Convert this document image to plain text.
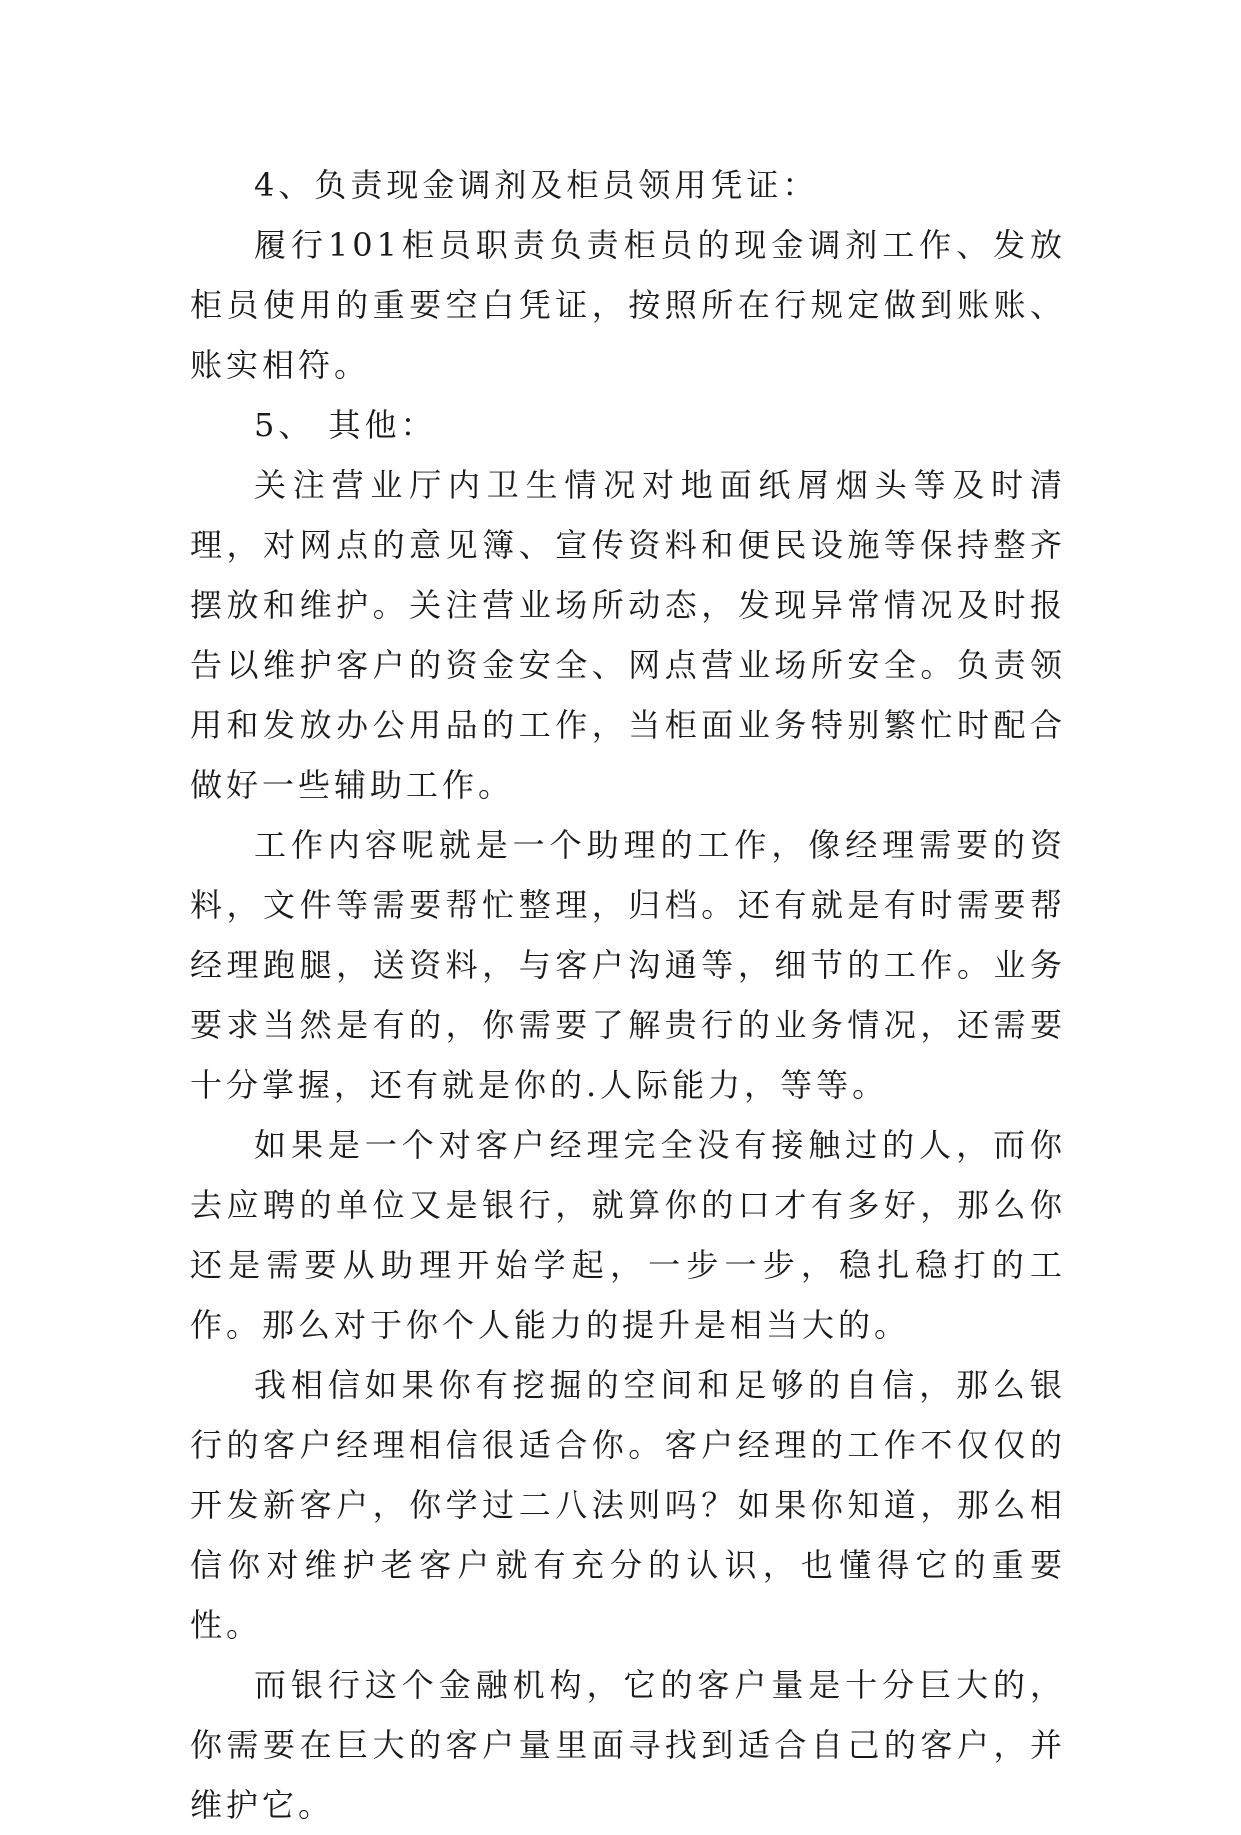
4、负责现金调剂及柜员领用凭证：

履行101柜员职责负责柜员的现金调剂工作、发放柜员使用的重要空白凭证，按照所在行规定做到账账、账实相符。

5、 其他：

关注营业厅内卫生情况对地面纸屑烟头等及时清理，对网点的意见簿、宣传资料和便民设施等保持整齐摆放和维护。关注营业场所动态，发现异常情况及时报告以维护客户的资金安全、网点营业场所安全。负责领用和发放办公用品的工作，当柜面业务特别繁忙时配合做好一些辅助工作。

工作内容呢就是一个助理的工作，像经理需要的资料，文件等需要帮忙整理，归档。还有就是有时需要帮经理跑腿，送资料，与客户沟通等，细节的工作。业务要求当然是有的，你需要了解贵行的业务情况，还需要十分掌握，还有就是你的.人际能力，等等。

如果是一个对客户经理完全没有接触过的人，而你去应聘的单位又是银行，就算你的口才有多好，那么你还是需要从助理开始学起，一步一步，稳扎稳打的工作。那么对于你个人能力的提升是相当大的。

我相信如果你有挖掘的空间和足够的自信，那么银行的客户经理相信很适合你。客户经理的工作不仅仅的开发新客户，你学过二八法则吗？如果你知道，那么相信你对维护老客户就有充分的认识，也懂得它的重要性。

而银行这个金融机构，它的客户量是十分巨大的，你需要在巨大的客户量里面寻找到适合自己的客户，并维护它。
